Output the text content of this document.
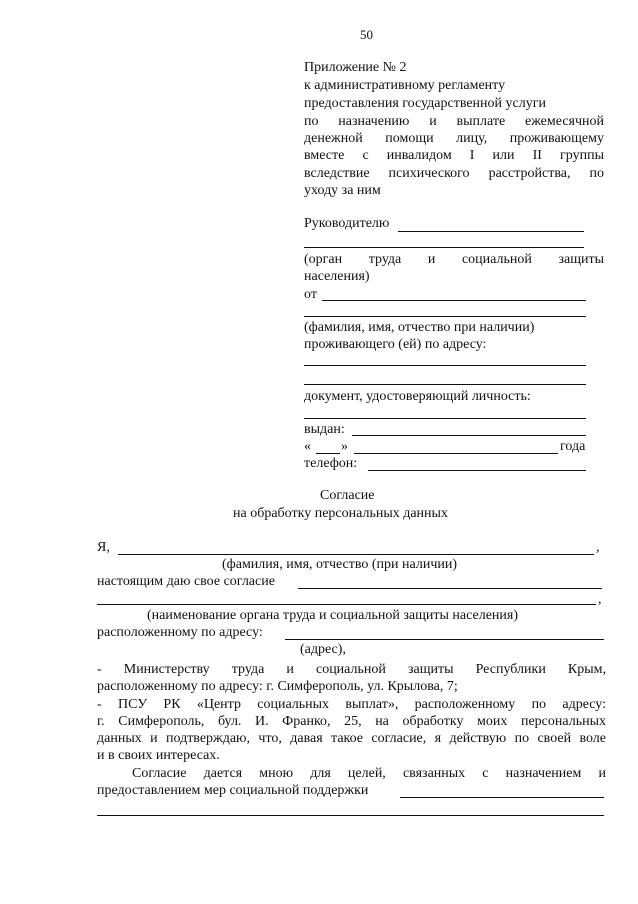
50
Приложение № 2
к административному регламенту
предоставления государственной услуги
по назначению и выплате ежемесячной
денежной помощи лицу, проживающему
вместе с инвалидом I или II группы
вследствие психического расстройства, по
уходу за ним
Руководителю
(орган труда и социальной защиты
населения)
от
(фамилия, имя, отчество при наличии)
проживающего (ей) по адресу:
документ, удостоверяющий личность:
выдан:
« »	года
телефон:
Согласие
на обработку персональных данных
Я,	,
(фамилия, имя, отчество (при наличии)
настоящим даю свое согласие
,
(наименование органа труда и социальной защиты населения)
расположенному по адресу:
(адрес),
- Министерству труда и социальной защиты Республики Крым,
расположенному по адресу: г. Симферополь, ул. Крылова, 7;
- ПСУ РК «Центр социальных выплат», расположенному по адресу:
г. Симферополь, бул. И. Франко, 25, на обработку моих персональных
данных и подтверждаю, что, давая такое согласие, я действую по своей воле
и в своих интересах.
Согласие дается мною для целей, связанных с назначением и
предоставлением мер социальной поддержки
